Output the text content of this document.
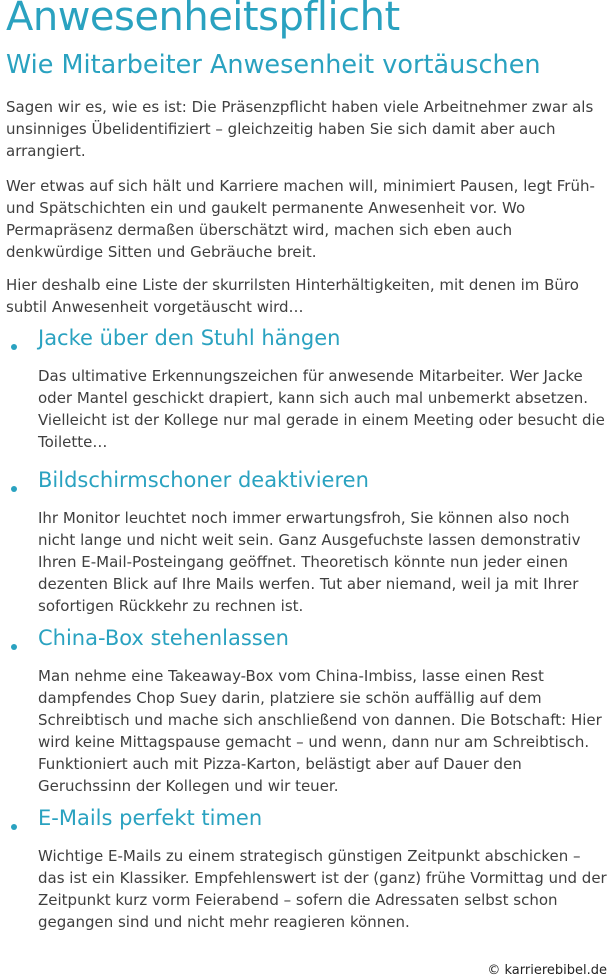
Anwesenheitspflicht
Wie Mitarbeiter Anwesenheit vortäuschen

Sagen wir es, wie es ist: Die Präsenzpflicht haben viele Arbeitnehmer zwar als unsinniges Übelidentifiziert – gleichzeitig haben Sie sich damit aber auch arrangiert.

Wer etwas auf sich hält und Karriere machen will, minimiert Pausen, legt Früh- und Spätschichten ein und gaukelt permanente Anwesenheit vor. Wo Permapräsenz dermaßen überschätzt wird, machen sich eben auch denkwürdige Sitten und Gebräuche breit.

Hier deshalb eine Liste der skurrilsten Hinterhältigkeiten, mit denen im Büro subtil Anwesenheit vorgetäuscht wird…

Jacke über den Stuhl hängen

Das ultimative Erkennungszeichen für anwesende Mitarbeiter. Wer Jacke oder Mantel geschickt drapiert, kann sich auch mal unbemerkt absetzen. Vielleicht ist der Kollege nur mal gerade in einem Meeting oder besucht die Toilette…

Bildschirmschoner deaktivieren

Ihr Monitor leuchtet noch immer erwartungsfroh, Sie können also noch nicht lange und nicht weit sein. Ganz Ausgefuchste lassen demonstrativ Ihren E-Mail-Posteingang geöffnet. Theoretisch könnte nun jeder einen dezenten Blick auf Ihre Mails werfen. Tut aber niemand, weil ja mit Ihrer sofortigen Rückkehr zu rechnen ist.

China-Box stehenlassen

Man nehme eine Takeaway-Box vom China-Imbiss, lasse einen Rest dampfendes Chop Suey darin, platziere sie schön auffällig auf dem Schreibtisch und mache sich anschließend von dannen. Die Botschaft: Hier wird keine Mittagspause gemacht – und wenn, dann nur am Schreibtisch. Funktioniert auch mit Pizza-Karton, belästigt aber auf Dauer den Geruchssinn der Kollegen und wir teuer.

E-Mails perfekt timen

Wichtige E-Mails zu einem strategisch günstigen Zeitpunkt abschicken – das ist ein Klassiker. Empfehlenswert ist der (ganz) frühe Vormittag und der Zeitpunkt kurz vorm Feierabend – sofern die Adressaten selbst schon gegangen sind und nicht mehr reagieren können.

© karrierebibel.de
